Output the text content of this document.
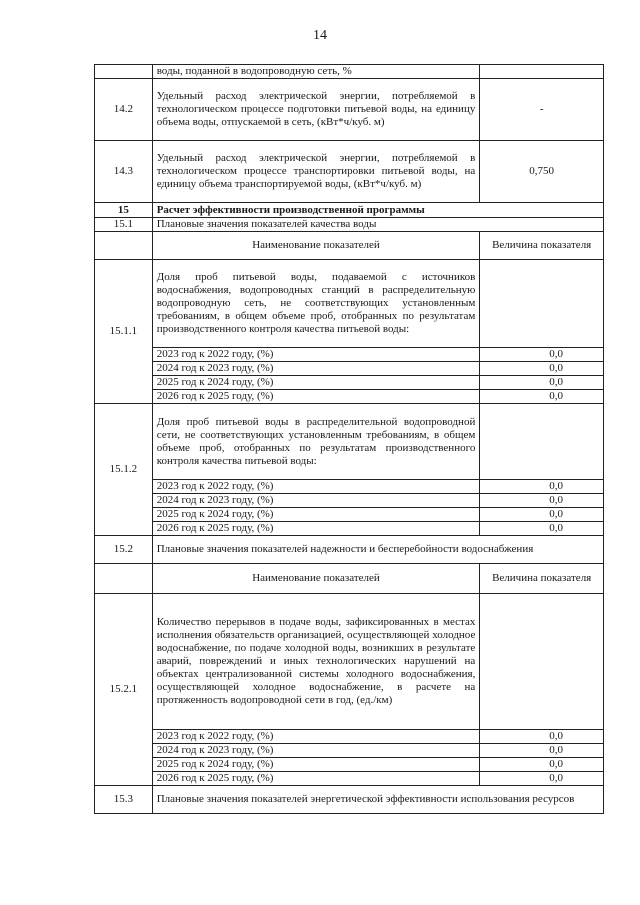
14
	воды, поданной в водопроводную сеть, %	
14.2	Удельный расход электрической энергии, потребляемой в технологическом процессе подготовки питьевой воды, на единицу объема воды, отпускаемой в сеть, (кВт*ч/куб. м)	-
14.3	Удельный расход электрической энергии, потребляемой в технологическом процессе транспортировки питьевой воды, на единицу объема транспортируемой воды, (кВт*ч/куб. м)	0,750
15	Расчет эффективности производственной программы	
15.1	Плановые значения показателей качества воды	
	Наименование показателей	Величина показателя
15.1.1	Доля проб питьевой воды, подаваемой с источников водоснабжения, водопроводных станций в распределительную водопроводную сеть, не соответствующих установленным требованиям, в общем объеме проб, отобранных по результатам производственного контроля качества питьевой воды:	
	2023 год к 2022 году, (%)	0,0
	2024 год к 2023 году, (%)	0,0
	2025 год к 2024 году, (%)	0,0
	2026 год к 2025 году, (%)	0,0
15.1.2	Доля проб питьевой воды в распределительной водопроводной сети, не соответствующих установленным требованиям, в общем объеме проб, отобранных по результатам производственного контроля качества питьевой воды:	
	2023 год к 2022 году, (%)	0,0
	2024 год к 2023 году, (%)	0,0
	2025 год к 2024 году, (%)	0,0
	2026 год к 2025 году, (%)	0,0
15.2	Плановые значения показателей надежности и бесперебойности водоснабжения	
	Наименование показателей	Величина показателя
15.2.1	Количество перерывов в подаче воды, зафиксированных в местах исполнения обязательств организацией, осуществляющей холодное водоснабжение, по подаче холодной воды, возникших в результате аварий, повреждений и иных технологических нарушений на объектах централизованной системы холодного водоснабжения, осуществляющей холодное водоснабжение, в расчете на протяженность водопроводной сети в год, (ед./км)	
	2023 год к 2022 году, (%)	0,0
	2024 год к 2023 году, (%)	0,0
	2025 год к 2024 году, (%)	0,0
	2026 год к 2025 году, (%)	0,0
15.3	Плановые значения показателей энергетической эффективности использования ресурсов	
